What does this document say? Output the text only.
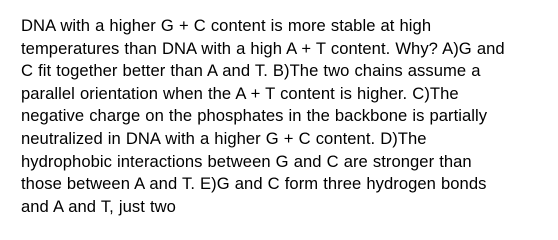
DNA with a higher G + C content is more stable at high
temperatures than DNA with a high A + T content. Why? A)G and
C fit together better than A and T. B)The two chains assume a
parallel orientation when the A + T content is higher. C)The
negative charge on the phosphates in the backbone is partially
neutralized in DNA with a higher G + C content. D)The
hydrophobic interactions between G and C are stronger than
those between A and T. E)G and C form three hydrogen bonds
and A and T, just two
